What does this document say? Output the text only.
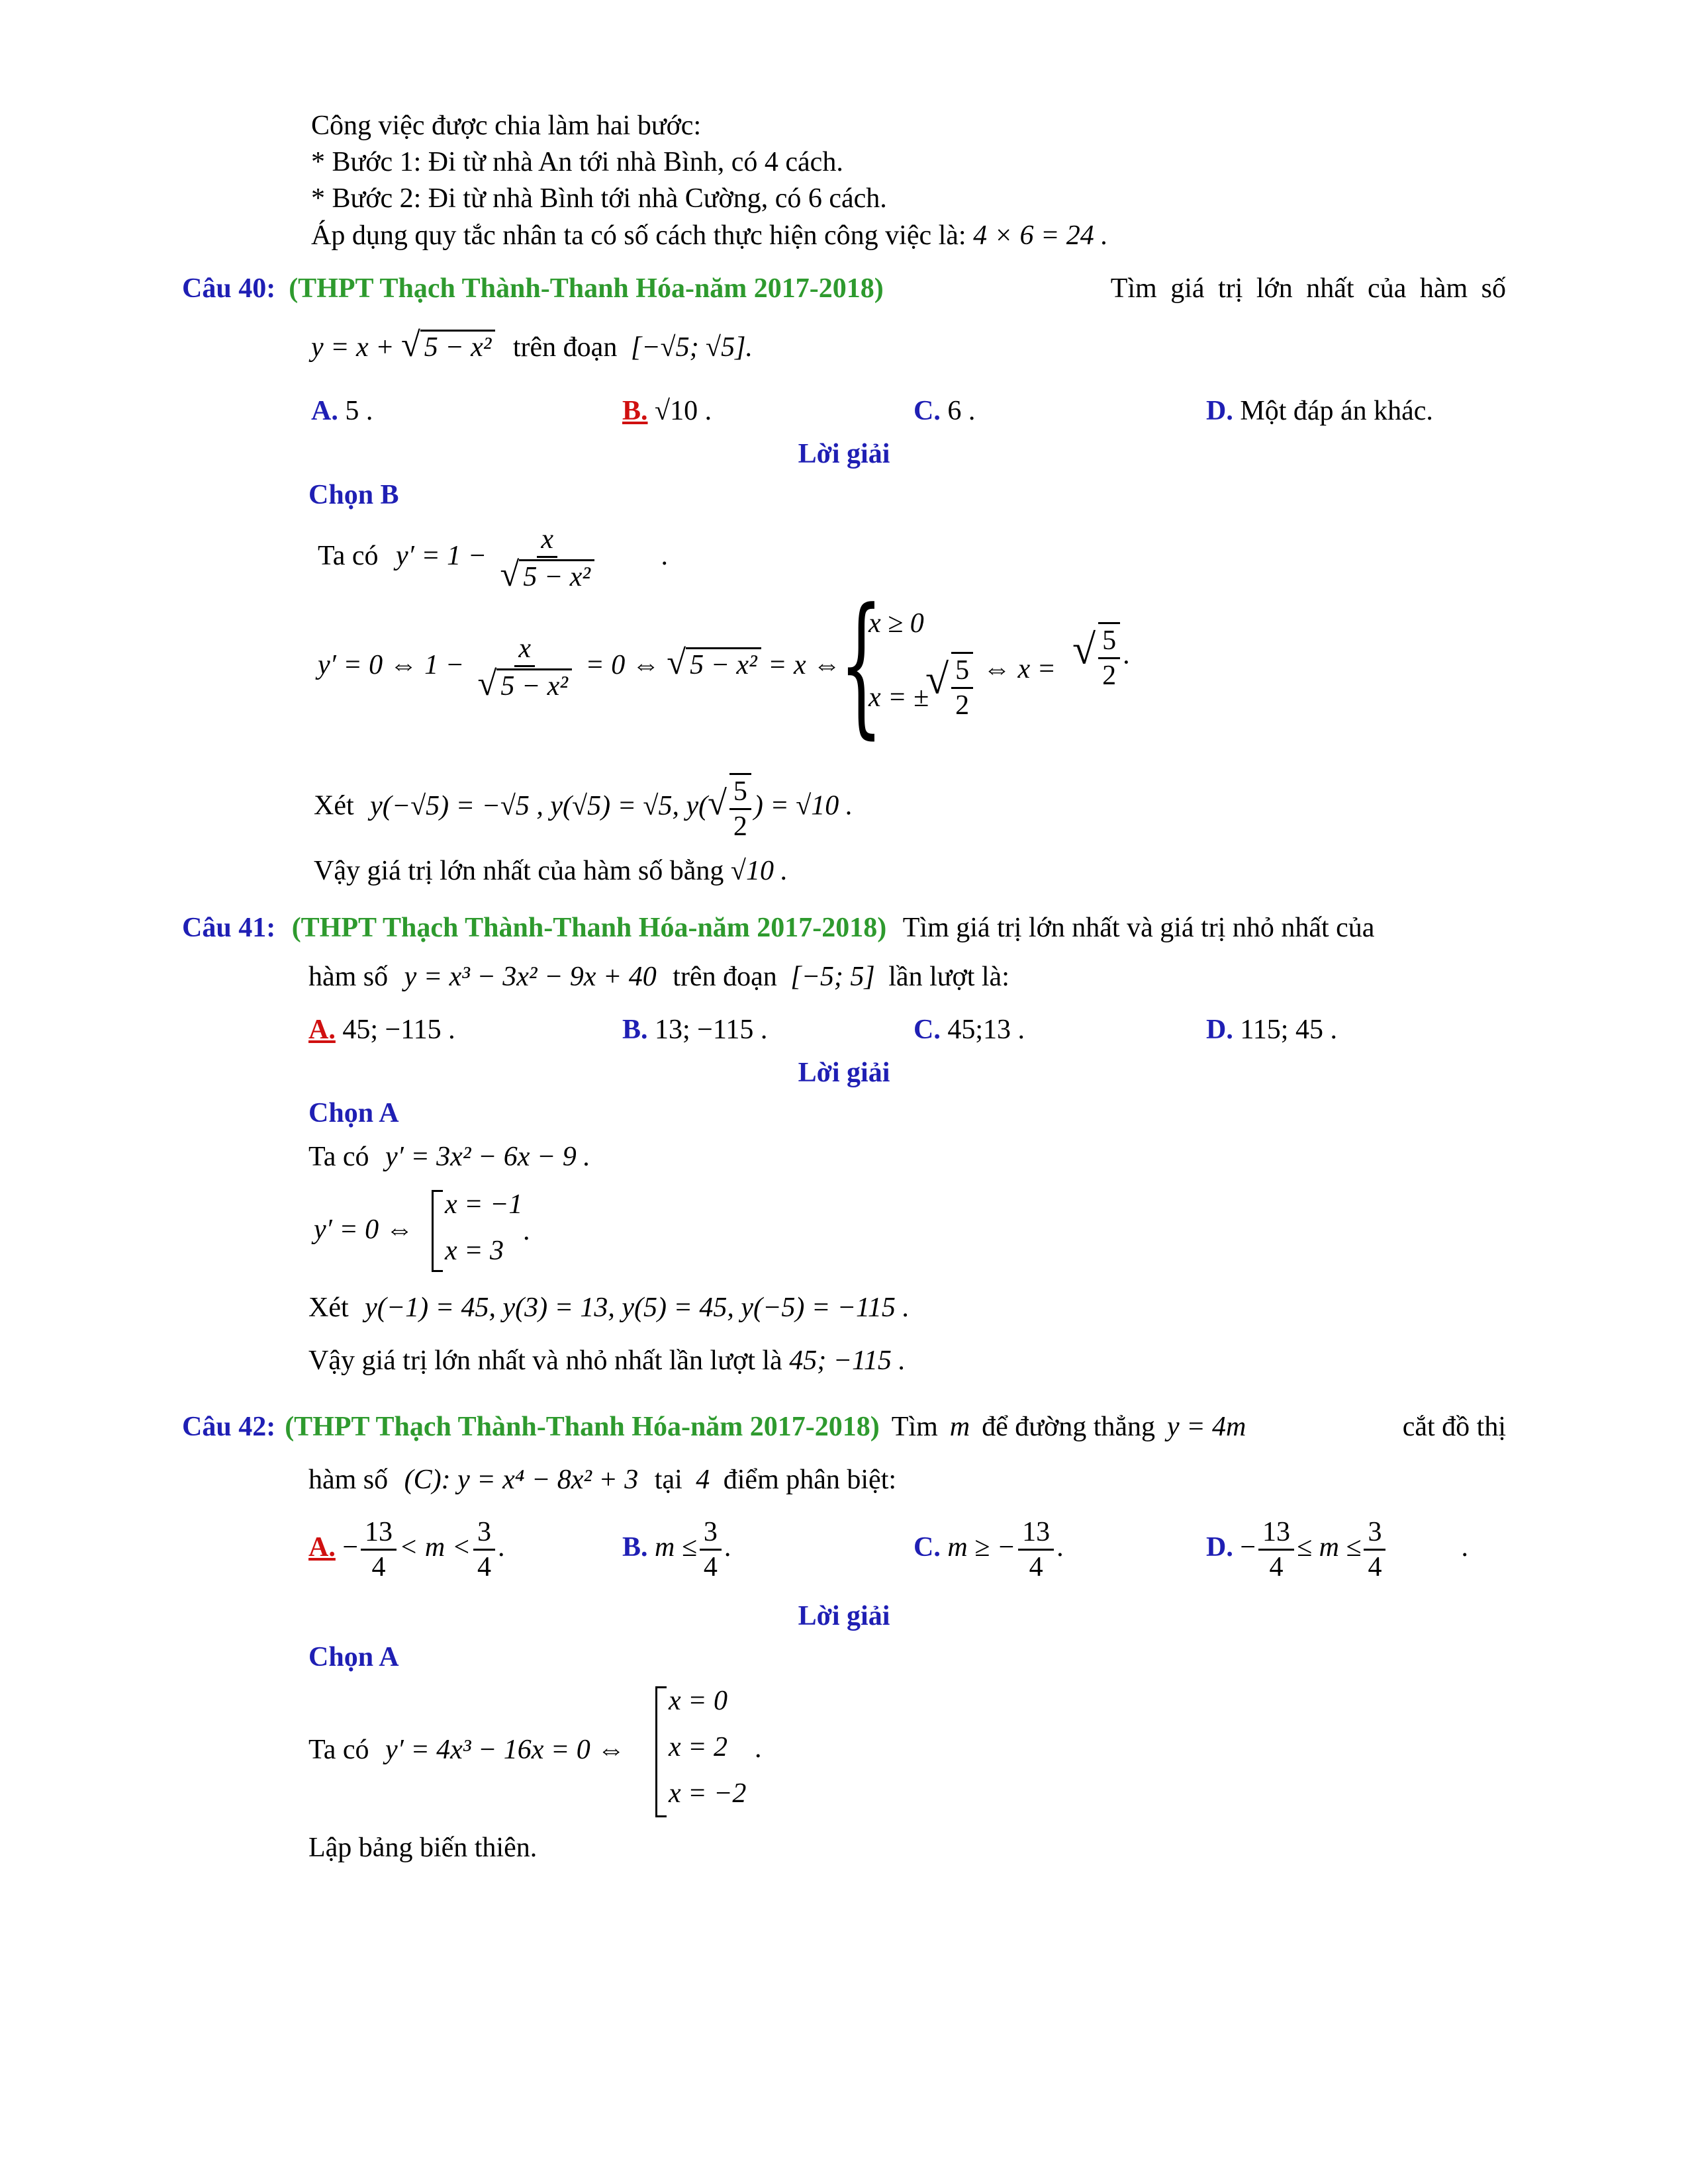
Công việc được chia làm hai bước:
* Bước 1: Đi từ nhà An tới nhà Bình, có 4 cách.
* Bước 2: Đi từ nhà Bình tới nhà Cường, có 6 cách.
Áp dụng quy tắc nhân ta có số cách thực hiện công việc là: 4 × 6 = 24 .
Câu 40: (THPT Thạch Thành-Thanh Hóa-năm 2017-2018)	Tìm giá trị lớn nhất của hàm số
y = x + √ 5 − x² trên đoạn [−√5; √5].
A. 5 .	B. √10 .	C. 6 .	D. Một đáp án khác.
Lời giải
Chọn B
Ta có $y' = 1 - \frac{x}{\text{√ 5 − x²}}$ .
y′ = 0 ⇔ $1 - \frac{x}{\text{√ 5 − x²}} = 0$ ⇔ √ 5 − x² = x ⇔
{
x ≥ 0
x = ±
√ $\frac{5}{2}$ ⇔ x = √ $\frac{5}{2}$ .
Xét y(−√5) = −√5 , y(√5) = √5, $y(√ \frac{5}{2}$ ) = √10 .
Vậy giá trị lớn nhất của hàm số bằng √10 .
Câu 41: (THPT Thạch Thành-Thanh Hóa-năm 2017-2018) Tìm giá trị lớn nhất và giá trị nhỏ nhất của
hàm số y = x³ − 3x² − 9x + 40 trên đoạn [−5; 5] lần lượt là:
A. 45; −115 .	B. 13; −115 .	C. 45;13 .	D. 115; 45 .
Lời giải
Chọn A
Ta có y′ = 3x² − 6x − 9 .
y′ = 0 ⇔
x = −1
x = 3
.
Xét y(−1) = 45, y(3) = 13, y(5) = 45, y(−5) = −115 .
Vậy giá trị lớn nhất và nhỏ nhất lần lượt là 45; −115 .
Câu 42: (THPT Thạch Thành-Thanh Hóa-năm 2017-2018) Tìm m để đường thẳng y = 4m	cắt đồ thị
hàm số (C): y = x⁴ − 8x² + 3 tại 4 điểm phân biệt:
A. − $\frac{13}{4} < m < \frac{3}{4}$ .	B. $m \le \frac{3}{4}$ .	C. m ≥ − $\frac{13}{4}$ .	D. − $\frac{13}{4} \le m \le \frac{3}{4}$	.
Lời giải
Chọn A
Ta có y′ = 4x³ − 16x = 0 ⇔
x = 0
x = 2
x = −2
.
Lập bảng biến thiên.
